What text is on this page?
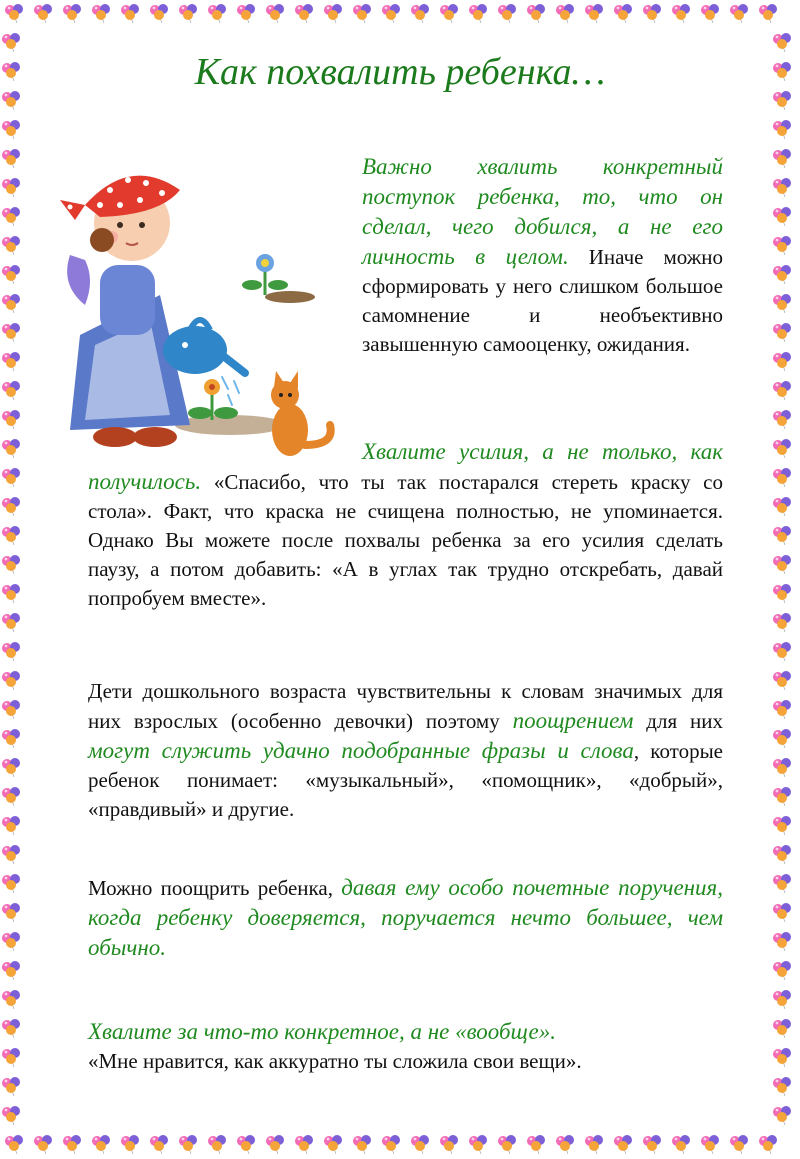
Как похвалить ребенка…

Важно хвалить конкретный поступок ребенка, то, что он сделал, чего добился, а не его личность в целом. Иначе можно сформировать у него слишком большое самомнение и необъективно завышенную самооценку, ожидания.

Хвалите усилия, а не только, как получилось. «Спасибо, что ты так постарался стереть краску со стола». Факт, что краска не счищена полностью, не упоминается. Однако Вы можете после похвалы ребенка за его усилия сделать паузу, а потом добавить: «А в углах так трудно отскребать, давай попробуем вместе».

Дети дошкольного возраста чувствительны к словам значимых для них взрослых (особенно девочки) поэтому поощрением для них могут служить удачно подобранные фразы и слова, которые ребенок понимает: «музыкальный», «помощник», «добрый», «правдивый» и другие.

Можно поощрить ребенка, давая ему особо почетные поручения, когда ребенку доверяется, поручается нечто большее, чем обычно.

Хвалите за что-то конкретное, а не «вообще».
«Мне нравится, как аккуратно ты сложила свои вещи».
